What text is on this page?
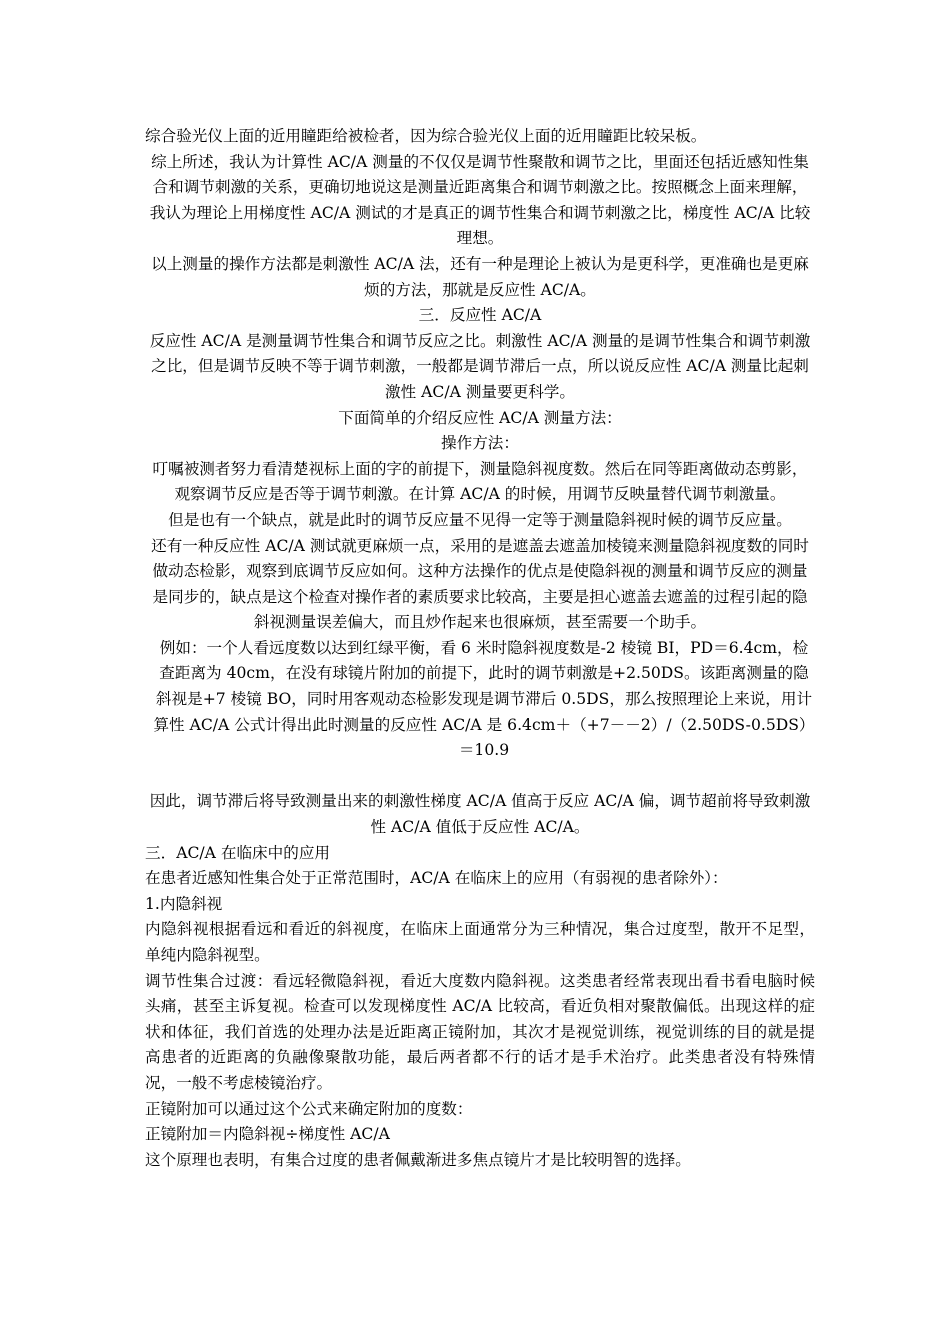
综合验光仪上面的近用瞳距给被检者，因为综合验光仪上面的近用瞳距比较呆板。

综上所述，我认为计算性 AC/A 测量的不仅仅是调节性聚散和调节之比，里面还包括近感知性集合和调节刺激的关系，更确切地说这是测量近距离集合和调节刺激之比。按照概念上面来理解，我认为理论上用梯度性 AC/A 测试的才是真正的调节性集合和调节刺激之比，梯度性 AC/A 比较理想。

以上测量的操作方法都是刺激性 AC/A 法，还有一种是理论上被认为是更科学，更准确也是更麻烦的方法，那就是反应性 AC/A。

三．反应性 AC/A

反应性 AC/A 是测量调节性集合和调节反应之比。刺激性 AC/A 测量的是调节性集合和调节刺激之比，但是调节反映不等于调节刺激，一般都是调节滞后一点，所以说反应性 AC/A 测量比起刺激性 AC/A 测量要更科学。

下面简单的介绍反应性 AC/A 测量方法：

操作方法：

叮嘱被测者努力看清楚视标上面的字的前提下，测量隐斜视度数。然后在同等距离做动态剪影，观察调节反应是否等于调节刺激。在计算 AC/A 的时候，用调节反映量替代调节刺激量。

但是也有一个缺点，就是此时的调节反应量不见得一定等于测量隐斜视时候的调节反应量。

还有一种反应性 AC/A 测试就更麻烦一点，采用的是遮盖去遮盖加棱镜来测量隐斜视度数的同时做动态检影，观察到底调节反应如何。这种方法操作的优点是使隐斜视的测量和调节反应的测量是同步的，缺点是这个检查对操作者的素质要求比较高，主要是担心遮盖去遮盖的过程引起的隐斜视测量误差偏大，而且炒作起来也很麻烦，甚至需要一个助手。

例如：一个人看远度数以达到红绿平衡，看 6 米时隐斜视度数是-2 棱镜 BI，PD＝6.4cm，检查距离为 40cm，在没有球镜片附加的前提下，此时的调节刺激是+2.50DS。该距离测量的隐斜视是+7 棱镜 BO，同时用客观动态检影发现是调节滞后 0.5DS，那么按照理论上来说，用计算性 AC/A 公式计得出此时测量的反应性 AC/A 是 6.4cm＋（+7－－2）/（2.50DS-0.5DS）＝10.9

因此，调节滞后将导致测量出来的刺激性梯度 AC/A 值高于反应 AC/A 偏，调节超前将导致刺激性 AC/A 值低于反应性 AC/A。

三．AC/A 在临床中的应用

在患者近感知性集合处于正常范围时，AC/A 在临床上的应用（有弱视的患者除外）：

1.内隐斜视

内隐斜视根据看远和看近的斜视度，在临床上面通常分为三种情况，集合过度型，散开不足型，单纯内隐斜视型。

调节性集合过渡：看远轻微隐斜视，看近大度数内隐斜视。这类患者经常表现出看书看电脑时候头痛，甚至主诉复视。检查可以发现梯度性 AC/A 比较高，看近负相对聚散偏低。出现这样的症状和体征，我们首选的处理办法是近距离正镜附加，其次才是视觉训练，视觉训练的目的就是提高患者的近距离的负融像聚散功能，最后两者都不行的话才是手术治疗。此类患者没有特殊情况，一般不考虑棱镜治疗。

正镜附加可以通过这个公式来确定附加的度数：

正镜附加＝内隐斜视÷梯度性 AC/A

这个原理也表明，有集合过度的患者佩戴渐进多焦点镜片才是比较明智的选择。
